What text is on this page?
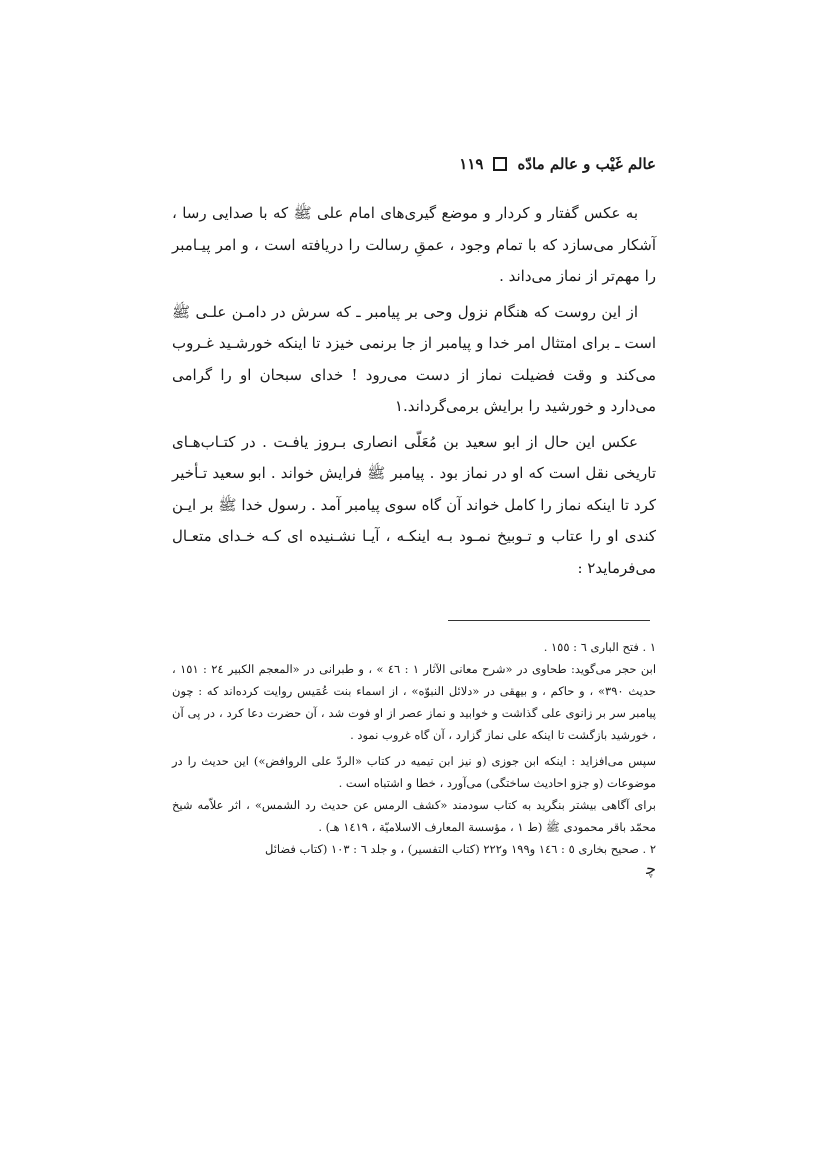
عالم غَيْب و عالم مادّه
١١٩

به عکس گفتار و کردار و موضع گیری‌های امام علی ﷺ که با صدایی رسا ، آشکار می‌سازد که با تمام وجود ، عمقِ رسالت را دریافته است ، و امر پیـامبر را مهم‌تر از نماز می‌داند .

از این روست که هنگام نزول وحی بر پیامبر ـ که سرش در دامـن علـی ﷺ است ـ برای امتثال امر خدا و پیامبر از جا برنمی خیزد تا اینکه خورشـید غـروب می‌کند و وقت فضیلت نماز از دست می‌رود ! خدای سبحان او را گرامی می‌دارد و خورشید را برایش برمی‌گرداند.١

عکس این حال از ابو سعید بن مُعَلّی انصاری بـروز یافـت . در کتـاب‌هـای تاریخی نقل است که او در نماز بود . پیامبر ﷺ فرایش خواند . ابو سعید تـأخیر کرد تا اینکه نماز را کامل خواند آن گاه سوی پیامبر آمد . رسول خدا ﷺ بر ایـن کندی او را عتاب و تـوبیخ نمـود بـه اینکـه ، آیـا نشـنیده ای کـه خـدای متعـال می‌فرماید٢ :

١ . فتح الباری ٦ : ١٥٥ .

ابن حجر می‌گوید: طحاوی در «شرح معانی الآثار ١ : ٤٦ » ، و طبرانی در «المعجم الکبیر ٢٤ : ١٥١ ، حدیث ٣٩٠» ، و حاکم ، و بیهقی در «دلائل النبوّه» ، از اسماء بنت عُمَیس روایت کرده‌اند که : چون پیامبر سر بر زانوی علی گذاشت و خوابید و نماز عصر از او فوت شد ، آن حضرت دعا کرد ، در پی آن ، خورشید بازگشت تا اینکه علی نماز گزارد ، آن گاه غروب نمود .

سپس می‌افزاید : اینکه ابن جوزی (و نیز ابن تیمیه در کتاب «الردّ علی الروافض») این حدیث را در موضوعات (و جزو احادیث ساختگی) می‌آورد ، خطا و اشتباه است .

برای آگاهی بیشتر بنگرید به کتاب سودمند «کشف الرمس عن حدیث رد الشمس» ، اثر علاّمه شیخ محمّد باقر محمودی ﷺ (ط ١ ، مؤسسة المعارف الاسلامیّة ، ١٤١٩ هـ) .

٢ . صحیح بخاری ٥ : ١٤٦ و١٩٩ و٢٢٢ (کتاب التفسیر) ، و جلد ٦ : ١٠٣ (کتاب فضائل

ﭼ
